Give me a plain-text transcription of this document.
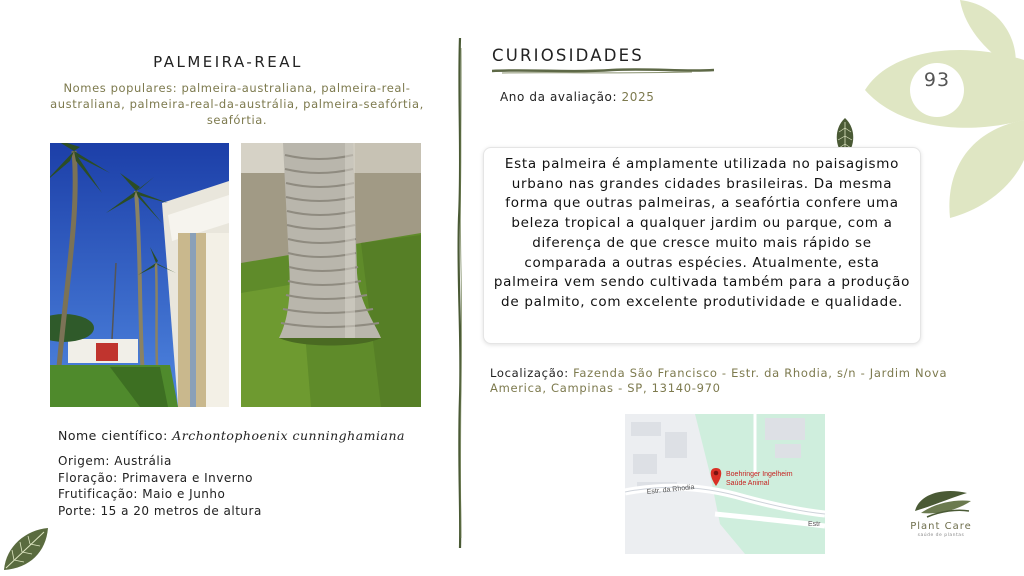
PALMEIRA-REAL
Nomes populares: palmeira-australiana, palmeira-real-australiana, palmeira-real-da-austrália, palmeira-seafórtia, seafórtia.
Nome científico: Archontophoenix cunninghamiana
Origem: Austrália
Floração: Primavera e Inverno
Frutificação: Maio e Junho
Porte: 15 a 20 metros de altura
CURIOSIDADES
Ano da avaliação: 2025
93

Esta palmeira é amplamente utilizada no paisagismo urbano nas grandes cidades brasileiras. Da mesma forma que outras palmeiras, a seafórtia confere uma beleza tropical a qualquer jardim ou parque, com a diferença de que cresce muito mais rápido se comparada a outras espécies. Atualmente, esta palmeira vem sendo cultivada também para a produção de palmito, com excelente produtividade e qualidade.

Localização: Fazenda São Francisco - Estr. da Rhodia, s/n - Jardim Nova America, Campinas - SP, 13140-970
Estr. da Rhodia
Estr
Boehringer Ingelheim
Saúde Animal
Plant Care
saúde de plantas
